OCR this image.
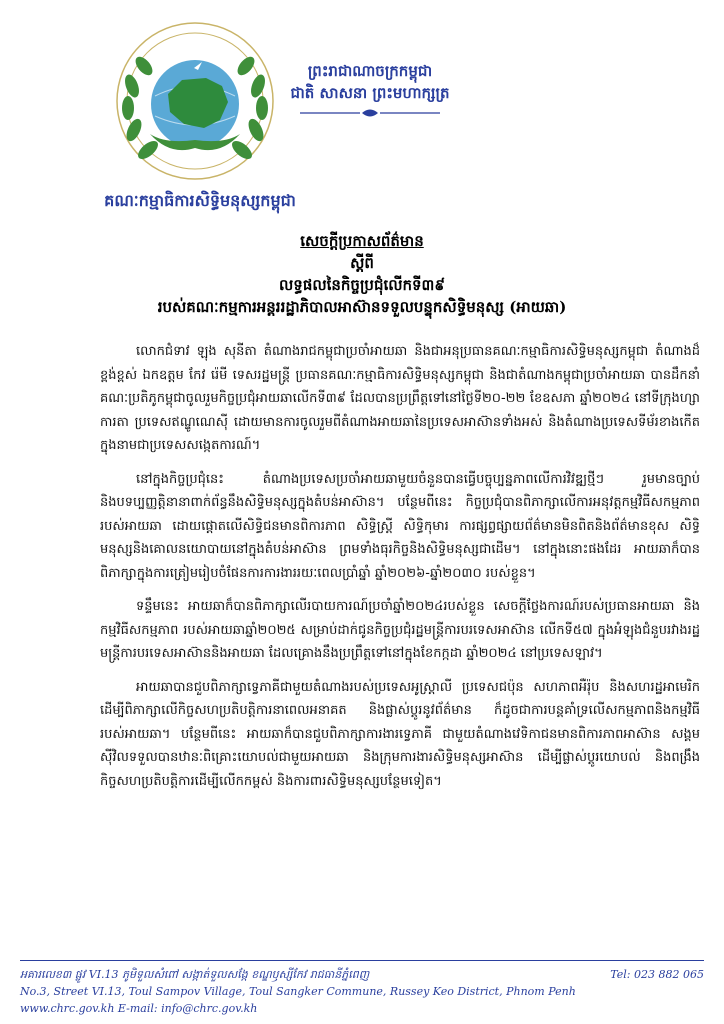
ព្រះរាជាណាចក្រកម្ពុជា
ជាតិ សាសនា ព្រះមហាក្សត្រ
គណៈកម្មាធិការសិទ្ធិមនុស្សកម្ពុជា
សេចក្តីប្រកាសព័ត៌មាន
ស្តីពី
លទ្ធផលនៃកិច្ចប្រជុំលើកទី៣៩
របស់គណៈកម្មការអន្តររដ្ឋាភិបាលអាស៊ានទទួលបន្ទុកសិទ្ធិមនុស្ស (អាយឆា)

លោកជំទាវ ឡុង សុនីតា តំណាងរាជកម្ពុជាប្រចាំអាយឆា និងជាអនុប្រធានគណៈកម្មាធិការសិទ្ធិមនុស្សកម្ពុជា តំណាងដ៏ខ្ពង់ខ្ពស់ ឯកឧត្តម កែវ រ៉េមី ទេសរដ្ឋមន្ត្រី ប្រធានគណៈកម្មាធិការសិទ្ធិមនុស្សកម្ពុជា និងជាតំណាងកម្ពុជាប្រចាំអាយឆា បានដឹកនាំគណៈប្រតិភូកម្ពុជាចូលរួមកិច្ចប្រជុំអាយឆាលើកទី៣៩ ដែលបានប្រព្រឹត្តទៅនៅថ្ងៃទី២០-២២ ខែឧសភា ឆ្នាំ២០២៤ នៅទីក្រុងហ្សាការតា ប្រទេសឥណ្ឌូណេស៊ី ដោយមានការចូលរួមពីតំណាងអាយឆានៃប្រទេសអាស៊ានទាំងអស់ និងតំណាងប្រទេសទីម័រខាងកើតក្នុងនាមជាប្រទេសសង្កេតការណ៍។

នៅក្នុងកិច្ចប្រជុំនេះ តំណាងប្រទេសប្រចាំអាយឆាមួយចំនួនបានធ្វើបច្ចុប្បន្នភាពលើការវិវឌ្ឍថ្មីៗ រួមមានច្បាប់ និងបទប្បញ្ញត្តិនានាពាក់ព័ន្ធនឹងសិទ្ធិមនុស្សក្នុងតំបន់អាស៊ាន។ បន្ថែមពីនេះ កិច្ចប្រជុំបានពិភាក្សាលើការអនុវត្តកម្មវិធីសកម្មភាពរបស់អាយឆា ដោយផ្តោតលើសិទ្ធិជនមានពិការភាព សិទ្ធិស្ត្រី សិទ្ធិកុមារ ការផ្សព្វផ្សាយព័ត៌មានមិនពិតនិងព័ត៌មានខុស សិទ្ធិមនុស្សនិងគោលនយោបាយនៅក្នុងតំបន់អាស៊ាន ព្រមទាំងធុរកិច្ចនិងសិទ្ធិមនុស្សជាដើម។ នៅក្នុងនោះផងដែរ អាយឆាក៏បានពិភាក្សាក្នុងការត្រៀមរៀបចំផែនការការងាររយៈពេលប្រាំឆ្នាំ ឆ្នាំ២០២៦-ឆ្នាំ២០៣០ របស់ខ្លួន។

ទន្ទឹមនេះ អាយឆាក៏បានពិភាក្សាលើរបាយការណ៍ប្រចាំឆ្នាំ២០២៤របស់ខ្លួន សេចក្តីថ្លែងការណ៍របស់ប្រធានអាយឆា និងកម្មវិធីសកម្មភាព របស់អាយឆាឆ្នាំ២០២៥ សម្រាប់ដាក់ជូនកិច្ចប្រជុំរដ្ឋមន្ត្រីការបរទេសអាស៊ាន លើកទី៥៧ ក្នុងអំឡុងជំនួបរវាងរដ្ឋមន្ត្រីការបរទេសអាស៊ាននិងអាយឆា ដែលគ្រោងនឹងប្រព្រឹត្តទៅនៅក្នុងខែកក្កដា ឆ្នាំ២០២៤ នៅប្រទេសឡាវ។

អាយឆាបានជួបពិភាក្សាទ្វេភាគីជាមួយតំណាងរបស់ប្រទេសអូស្ត្រាលី ប្រទេសជប៉ុន សហភាពអឺរ៉ុប និងសហរដ្ឋអាមេរិក ដើម្បីពិភាក្សាលើកិច្ចសហប្រតិបត្តិការនាពេលអនាគត និងផ្លាស់ប្តូរនូវព័ត៌មាន ក៏ដូចជាការបន្តគាំទ្រលើសកម្មភាពនិងកម្មវិធីរបស់អាយឆា។ បន្ថែមពីនេះ អាយឆាក៏បានជួបពិភាក្សាការងារទ្វេភាគី ជាមួយតំណាងវេទិកាជនមានពិការភាពអាស៊ាន សង្គមស៊ីវិលទទួលបានឋានៈពិគ្រោះយោបល់ជាមួយអាយឆា និងក្រុមការងារសិទ្ធិមនុស្សអាស៊ាន ដើម្បីផ្លាស់ប្តូរយោបល់ និងពង្រឹងកិច្ចសហប្រតិបត្តិការដើម្បីលើកកម្ពស់ និងការពារសិទ្ធិមនុស្សបន្ថែមទៀត។

អគារលេខ៣ ផ្លូវ VI.13 ភូមិទួលសំពៅ សង្កាត់ទួលសង្កែ ខណ្ឌឫស្សីកែវ រាជធានីភ្នំពេញ	Tel: 023 882 065
No.3, Street VI.13, Toul Sampov Village, Toul Sangker Commune, Russey Keo District, Phnom Penh
www.chrc.gov.kh E-mail: info@chrc.gov.kh
